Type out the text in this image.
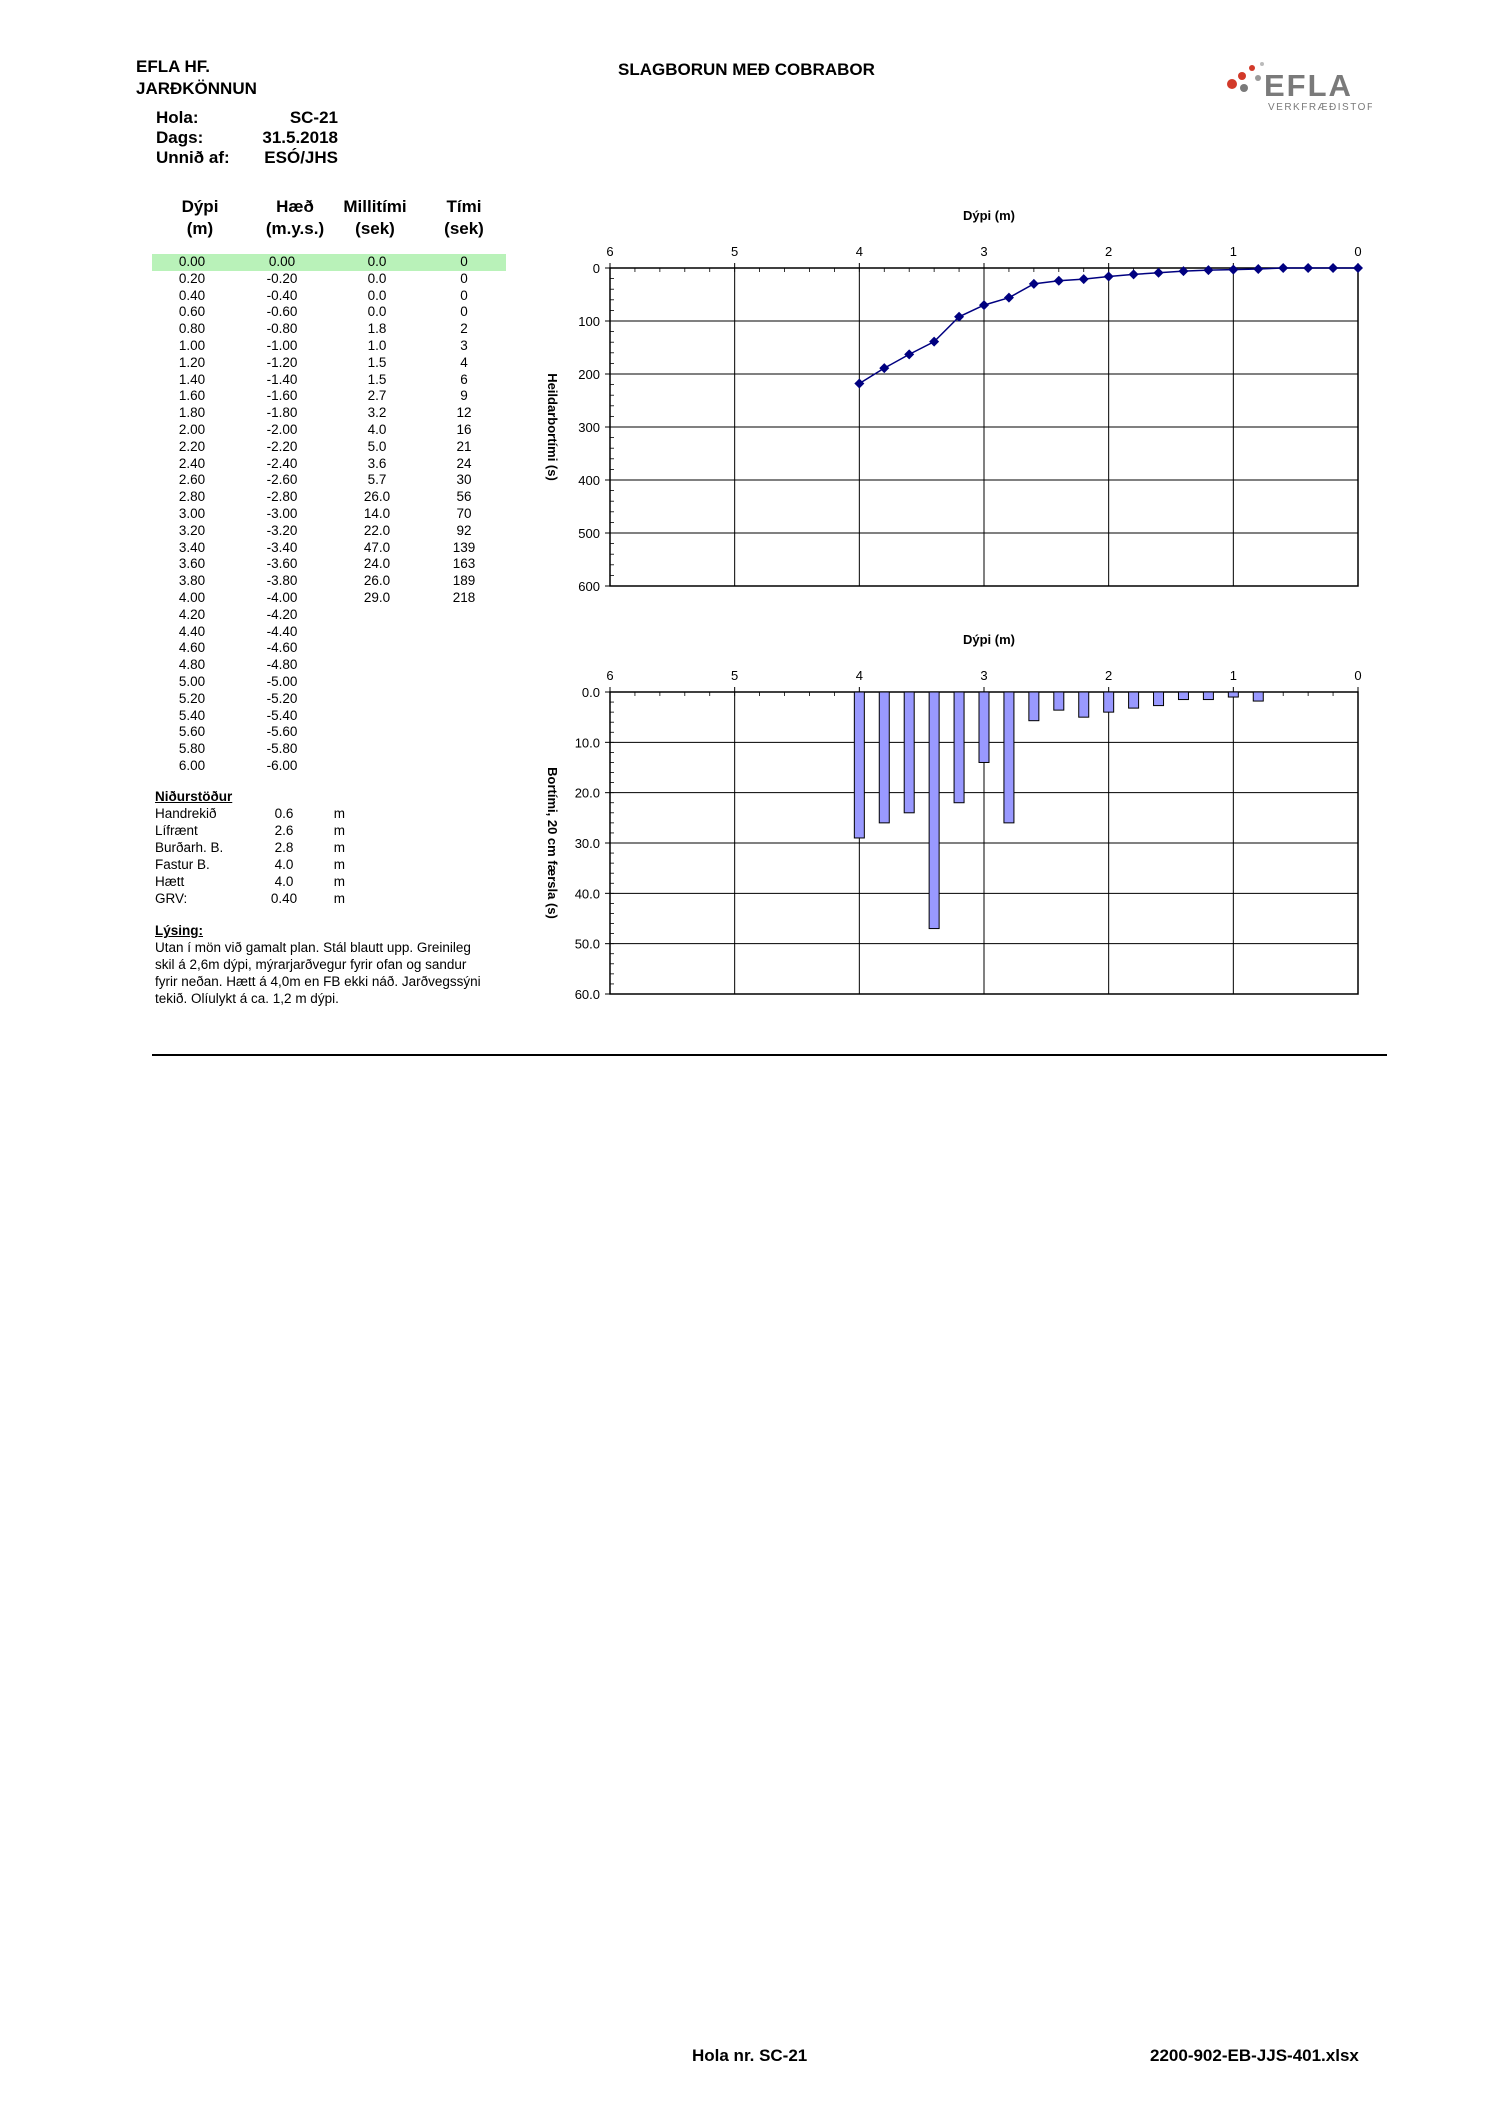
EFLA HF.
JARÐKÖNNUN
SLAGBORUN MEÐ COBRABOR	EFLA
VERKFRÆÐISTOFA
Hola:	SC-21
Dags:	31.5.2018
Unnið af:	ESÓ/JHS
Dýpi
(m)
Hæð
(m.y.s.)
Millitími
(sek)
Tími
(sek)
0.00	0.00	0.0	0
0.20	-0.20	0.0	0
0.40	-0.40	0.0	0
0.60	-0.60	0.0	0
0.80	-0.80	1.8	2
1.00	-1.00	1.0	3
1.20	-1.20	1.5	4
1.40	-1.40	1.5	6
1.60	-1.60	2.7	9
1.80	-1.80	3.2	12
2.00	-2.00	4.0	16
2.20	-2.20	5.0	21
2.40	-2.40	3.6	24
2.60	-2.60	5.7	30
2.80	-2.80	26.0	56
3.00	-3.00	14.0	70
3.20	-3.20	22.0	92
3.40	-3.40	47.0	139
3.60	-3.60	24.0	163
3.80	-3.80	26.0	189
4.00	-4.00	29.0	218
4.20	-4.20
4.40	-4.40
4.60	-4.60
4.80	-4.80
5.00	-5.00
5.20	-5.20
5.40	-5.40
5.60	-5.60
5.80	-5.80
6.00	-6.00
Niðurstöður
Handrekið	0.6	m
Lífrænt	2.6	m
Burðarh. B.	2.8	m
Fastur B.	4.0	m
Hætt	4.0	m
GRV:	0.40	m
Lýsing:
Utan í mön við gamalt plan. Stál blautt upp. Greinileg
skil á 2,6m dýpi, mýrarjarðvegur fyrir ofan og sandur
fyrir neðan. Hætt á 4,0m en FB ekki náð. Jarðvegssýni
tekið. Olíulykt á ca. 1,2 m dýpi.
Dýpi (m)
0
100
200
300
400
500
600
6	5	4	3	2	1	0
Heildarbortími (s)
Dýpi (m)
0.0
10.0
20.0
30.0
40.0
50.0
60.0
6	5	4	3	2	1	0
Bortími, 20 cm færsla (s)
Hola nr. SC-21	2200-902-EB-JJS-401.xlsx
